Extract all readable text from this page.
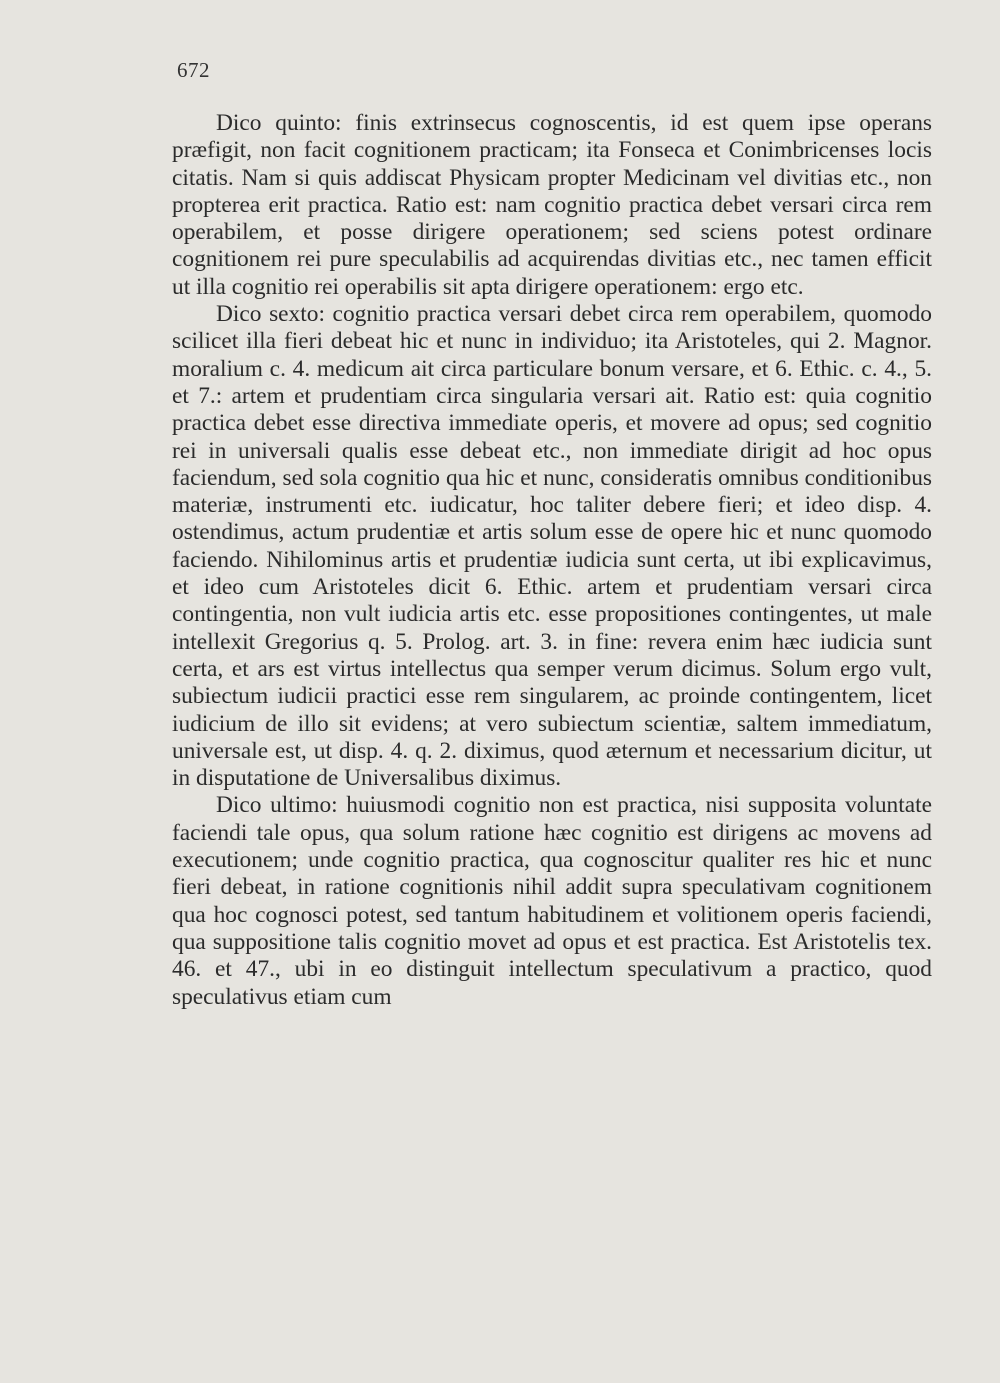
672

Dico quinto: finis extrinsecus cognoscentis, id est quem ipse operans præfigit, non facit cognitionem practicam; ita Fonseca et Conimbricenses locis citatis. Nam si quis addiscat Physicam propter Medicinam vel divitias etc., non propterea erit practica. Ratio est: nam cognitio practica debet versari circa rem operabilem, et posse dirigere operationem; sed sciens potest ordinare cognitionem rei pure speculabilis ad acquirendas divitias etc., nec tamen efficit ut illa cognitio rei operabilis sit apta dirigere operationem: ergo etc.

Dico sexto: cognitio practica versari debet circa rem operabilem, quomodo scilicet illa fieri debeat hic et nunc in individuo; ita Aristoteles, qui 2. Magnor. moralium c. 4. medicum ait circa particulare bonum versare, et 6. Ethic. c. 4., 5. et 7.: artem et prudentiam circa singularia versari ait. Ratio est: quia cognitio practica debet esse directiva immediate operis, et movere ad opus; sed cognitio rei in universali qualis esse debeat etc., non immediate dirigit ad hoc opus faciendum, sed sola cognitio qua hic et nunc, consideratis omnibus conditionibus materiæ, instrumenti etc. iudicatur, hoc taliter debere fieri; et ideo disp. 4. ostendimus, actum prudentiæ et artis solum esse de opere hic et nunc quomodo faciendo. Nihilominus artis et prudentiæ iudicia sunt certa, ut ibi explicavimus, et ideo cum Aristoteles dicit 6. Ethic. artem et prudentiam versari circa contingentia, non vult iudicia artis etc. esse propositiones contingentes, ut male intellexit Gregorius q. 5. Prolog. art. 3. in fine: revera enim hæc iudicia sunt certa, et ars est virtus intellectus qua semper verum dicimus. Solum ergo vult, subiectum iudicii practici esse rem singularem, ac proinde contingentem, licet iudicium de illo sit evidens; at vero subiectum scientiæ, saltem immediatum, universale est, ut disp. 4. q. 2. diximus, quod æternum et necessarium dicitur, ut in disputatione de Universalibus diximus.

Dico ultimo: huiusmodi cognitio non est practica, nisi supposita voluntate faciendi tale opus, qua solum ratione hæc cognitio est dirigens ac movens ad executionem; unde cognitio practica, qua cognoscitur qualiter res hic et nunc fieri debeat, in ratione cognitionis nihil addit supra speculativam cognitionem qua hoc cognosci potest, sed tantum habitudinem et volitionem operis faciendi, qua suppositione talis cognitio movet ad opus et est practica. Est Aristotelis tex. 46. et 47., ubi in eo distinguit intellectum speculativum a practico, quod speculativus etiam cum
